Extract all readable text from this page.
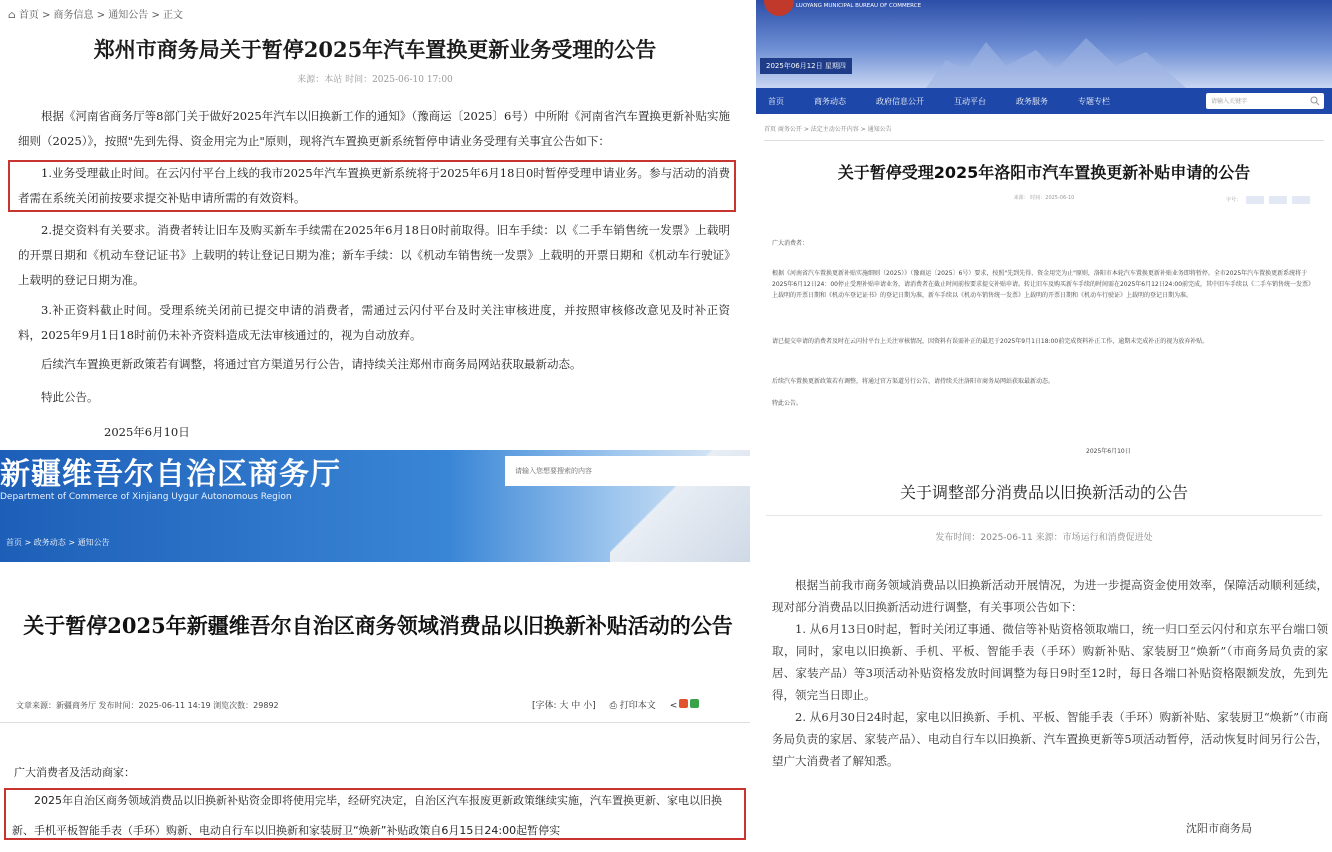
⌂ 首页 > 商务信息 > 通知公告 > 正文
郑州市商务局关于暂停2025年汽车置换更新业务受理的公告
来源：本站 时间：2025-06-10 17:00
根据《河南省商务厅等8部门关于做好2025年汽车以旧换新工作的通知》（豫商运〔2025〕6号）中所附《河南省汽车置换更新补贴实施细则（2025）》，按照"先到先得、资金用完为止"原则，现将汽车置换更新系统暂停申请业务受理有关事宜公告如下：
1.业务受理截止时间。在云闪付平台上线的我市2025年汽车置换更新系统将于2025年6月18日0时暂停受理申请业务。参与活动的消费者需在系统关闭前按要求提交补贴申请所需的有效资料。
2.提交资料有关要求。消费者转让旧车及购买新车手续需在2025年6月18日0时前取得。旧车手续：以《二手车销售统一发票》上载明的开票日期和《机动车登记证书》上载明的转让登记日期为准；新车手续：以《机动车销售统一发票》上载明的开票日期和《机动车行驶证》上载明的登记日期为准。
3.补正资料截止时间。受理系统关闭前已提交申请的消费者，需通过云闪付平台及时关注审核进度，并按照审核修改意见及时补正资料，2025年9月1日18时前仍未补齐资料造成无法审核通过的，视为自动放弃。
后续汽车置换更新政策若有调整，将通过官方渠道另行公告，请持续关注郑州市商务局网站获取最新动态。
特此公告。
2025年6月10日
LUOYANG MUNICIPAL BUREAU OF COMMERCE
2025年06月12日 星期四
首页	商务动态	政府信息公开	互动平台	政务服务	专题专栏	请输入关键字
首页 商务公开 > 法定主动公开内容 > 通知公告
关于暂停受理2025年洛阳市汽车置换更新补贴申请的公告
来源： 时间：2025-06-10	字号：
广大消费者：
根据《河南省汽车置换更新补贴实施细则（2025）》（豫商运〔2025〕6号）要求，按照"先到先得、资金用完为止"原则，洛阳市本轮汽车置换更新补贴业务即将暂停。全市2025年汽车置换更新系统将于2025年6月12日24：00停止受理补贴申请业务，请消费者在截止时间前按要求提交补贴申请。转让旧车及购买新车手续的时间需在2025年6月12日24:00前完成，其中旧车手续以《二手车销售统一发票》上载明的开票日期和《机动车登记证书》的登记日期为准，新车手续以《机动车销售统一发票》上载明的开票日期和《机动车行驶证》上载明的登记日期为准。
请已提交申请的消费者及时在云闪付平台上关注审核情况，因资料有误需补正的最迟于2025年9月1日18:00前完成资料补正工作，逾期未完成补正的视为放弃补贴。
后续汽车置换更新政策若有调整，将通过官方渠道另行公告，请持续关注洛阳市商务局网站获取最新动态。
特此公告。
2025年6月10日
新疆维吾尔自治区商务厅
Department of Commerce of Xinjiang Uygur Autonomous Region
请输入您想要搜索的内容
首页 > 政务动态 > 通知公告
关于暂停2025年新疆维吾尔自治区商务领域消费品以旧换新补贴活动的公告
文章来源：新疆商务厅 发布时间：2025-06-11 14:19 浏览次数：29892	[字体: 大 中 小] ⎙ 打印本文 <
广大消费者及活动商家：
2025年自治区商务领域消费品以旧换新补贴资金即将使用完毕，经研究决定，自治区汽车报废更新政策继续实施，汽车置换更新、家电以旧换新、手机平板智能手表（手环）购新、电动自行车以旧换新和家装厨卫“焕新”补贴政策自6月15日24:00起暂停实
关于调整部分消费品以旧换新活动的公告
发布时间：2025-06-11 来源：市场运行和消费促进处
根据当前我市商务领域消费品以旧换新活动开展情况，为进一步提高资金使用效率，保障活动顺利延续，现对部分消费品以旧换新活动进行调整，有关事项公告如下：
1. 从6月13日0时起，暂时关闭辽事通、微信等补贴资格领取端口，统一归口至云闪付和京东平台端口领取，同时，家电以旧换新、手机、平板、智能手表（手环）购新补贴、家装厨卫“焕新”（市商务局负责的家居、家装产品）等3项活动补贴资格发放时间调整为每日9时至12时，每日各端口补贴资格限额发放，先到先得，领完当日即止。
2. 从6月30日24时起，家电以旧换新、手机、平板、智能手表（手环）购新补贴、家装厨卫“焕新”（市商务局负责的家居、家装产品）、电动自行车以旧换新、汽车置换更新等5项活动暂停，活动恢复时间另行公告，望广大消费者了解知悉。
沈阳市商务局
